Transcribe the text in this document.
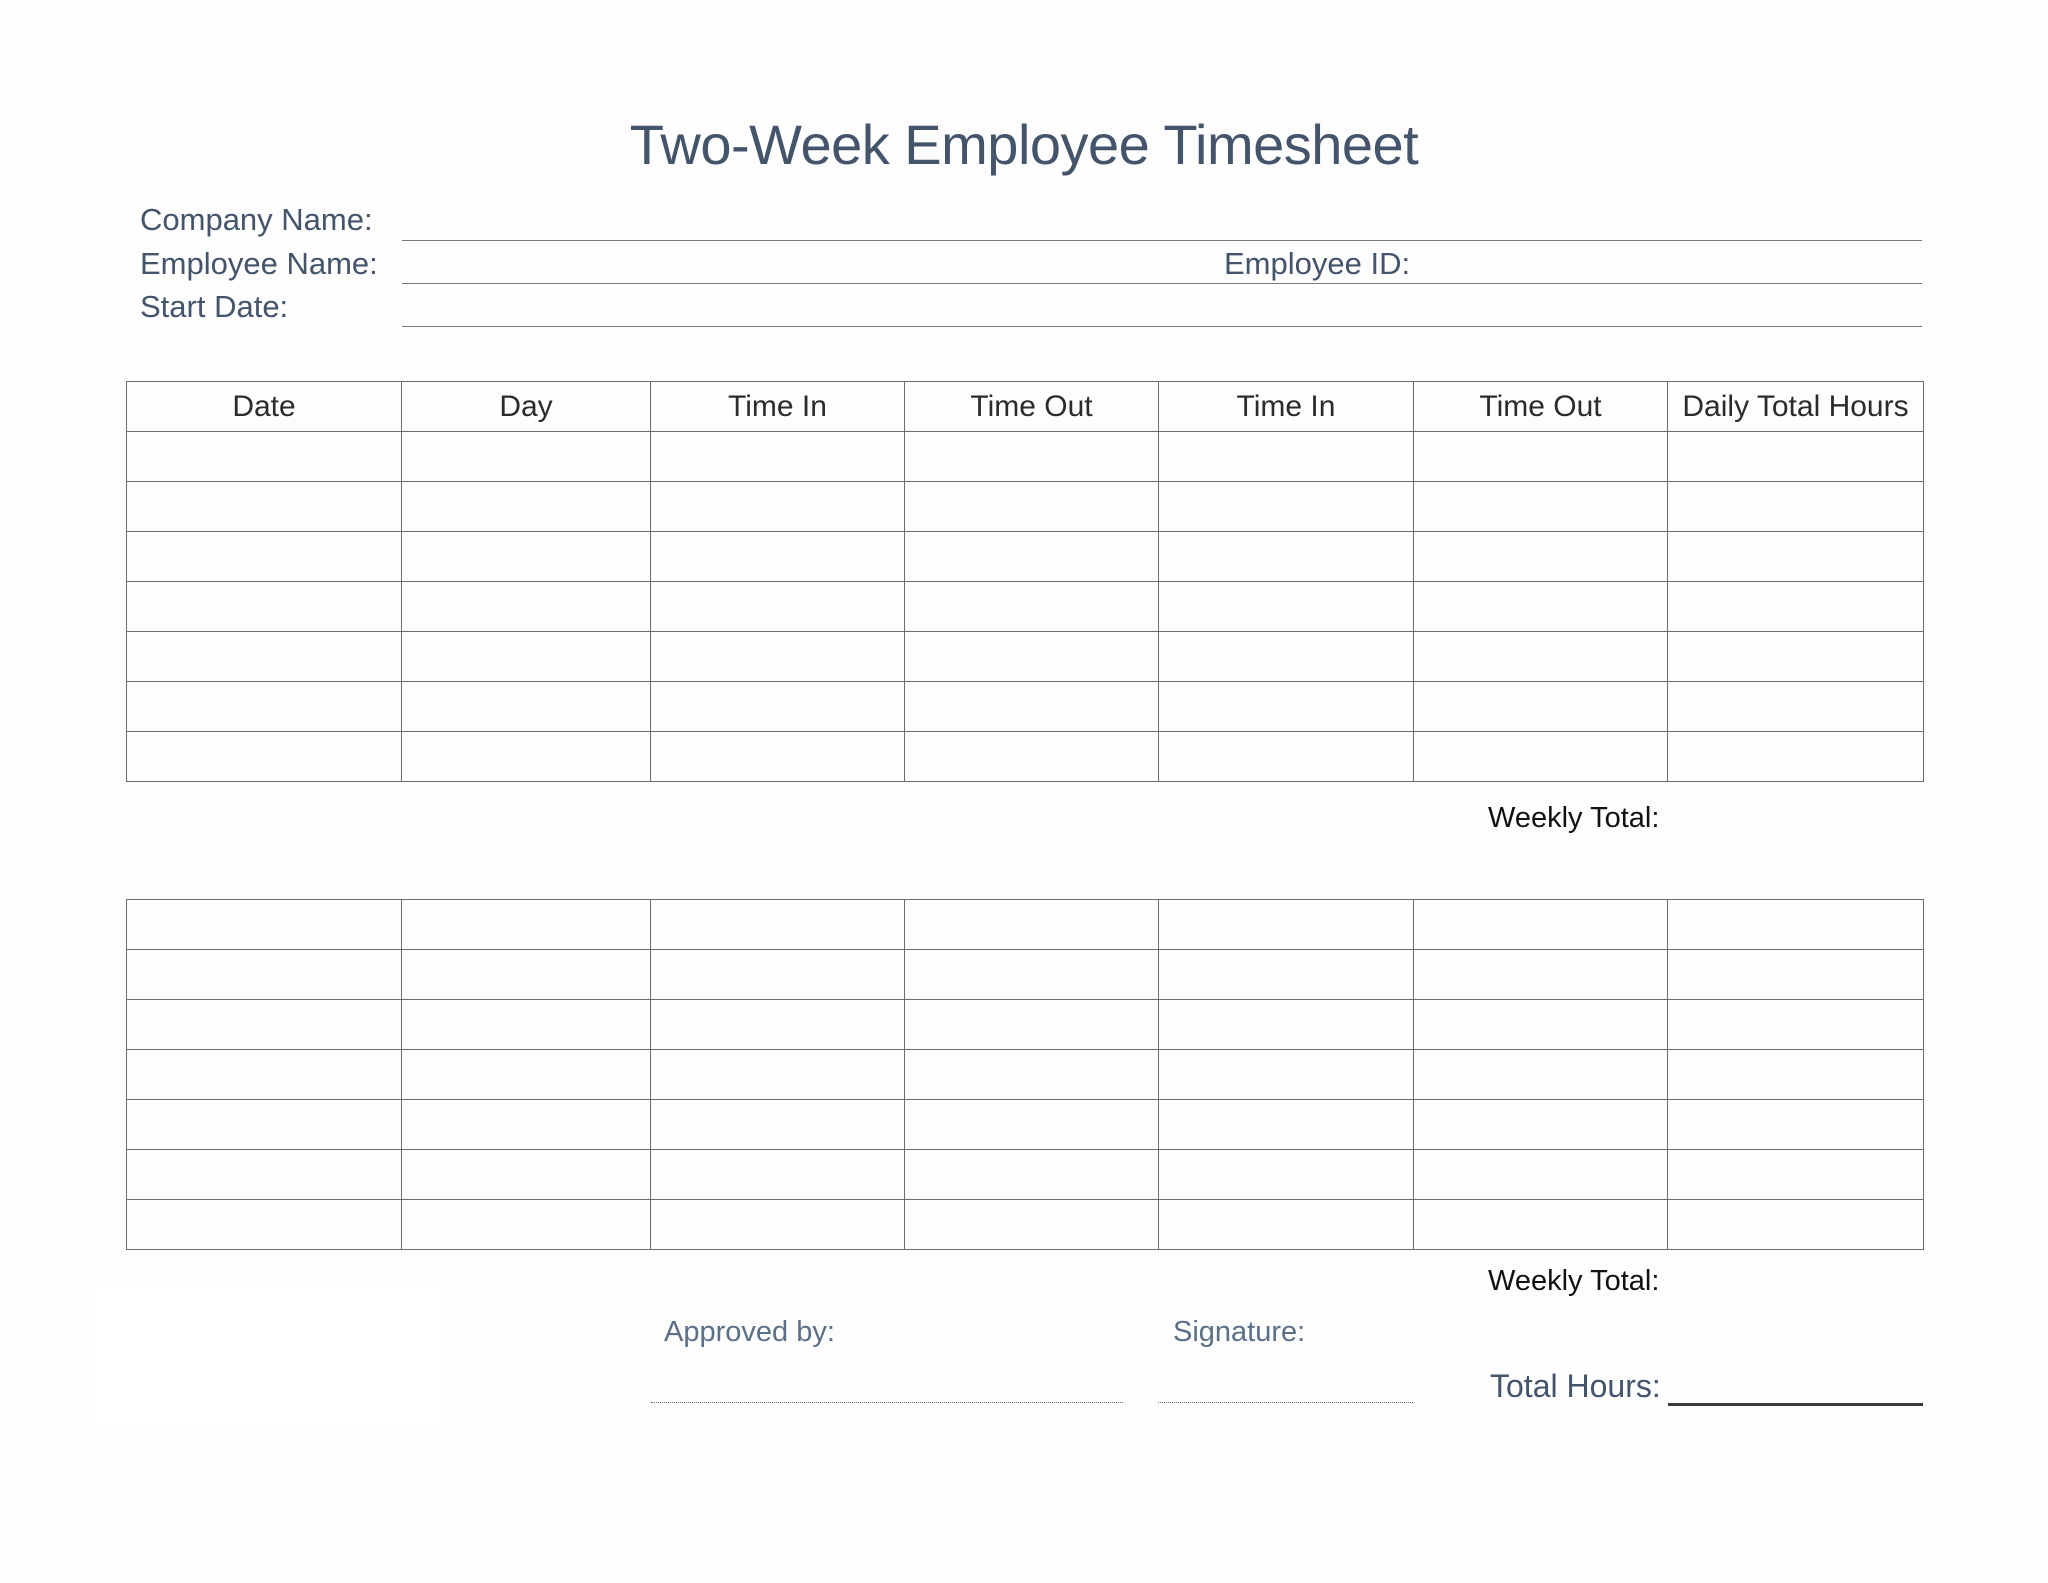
Two-Week Employee Timesheet
Company Name:
Employee Name:	Employee ID:
Start Date:
Date	Day	Time In	Time Out	Time In	Time Out	Daily Total Hours

Weekly Total:

Weekly Total:
Approved by:	Signature:
Total Hours:
